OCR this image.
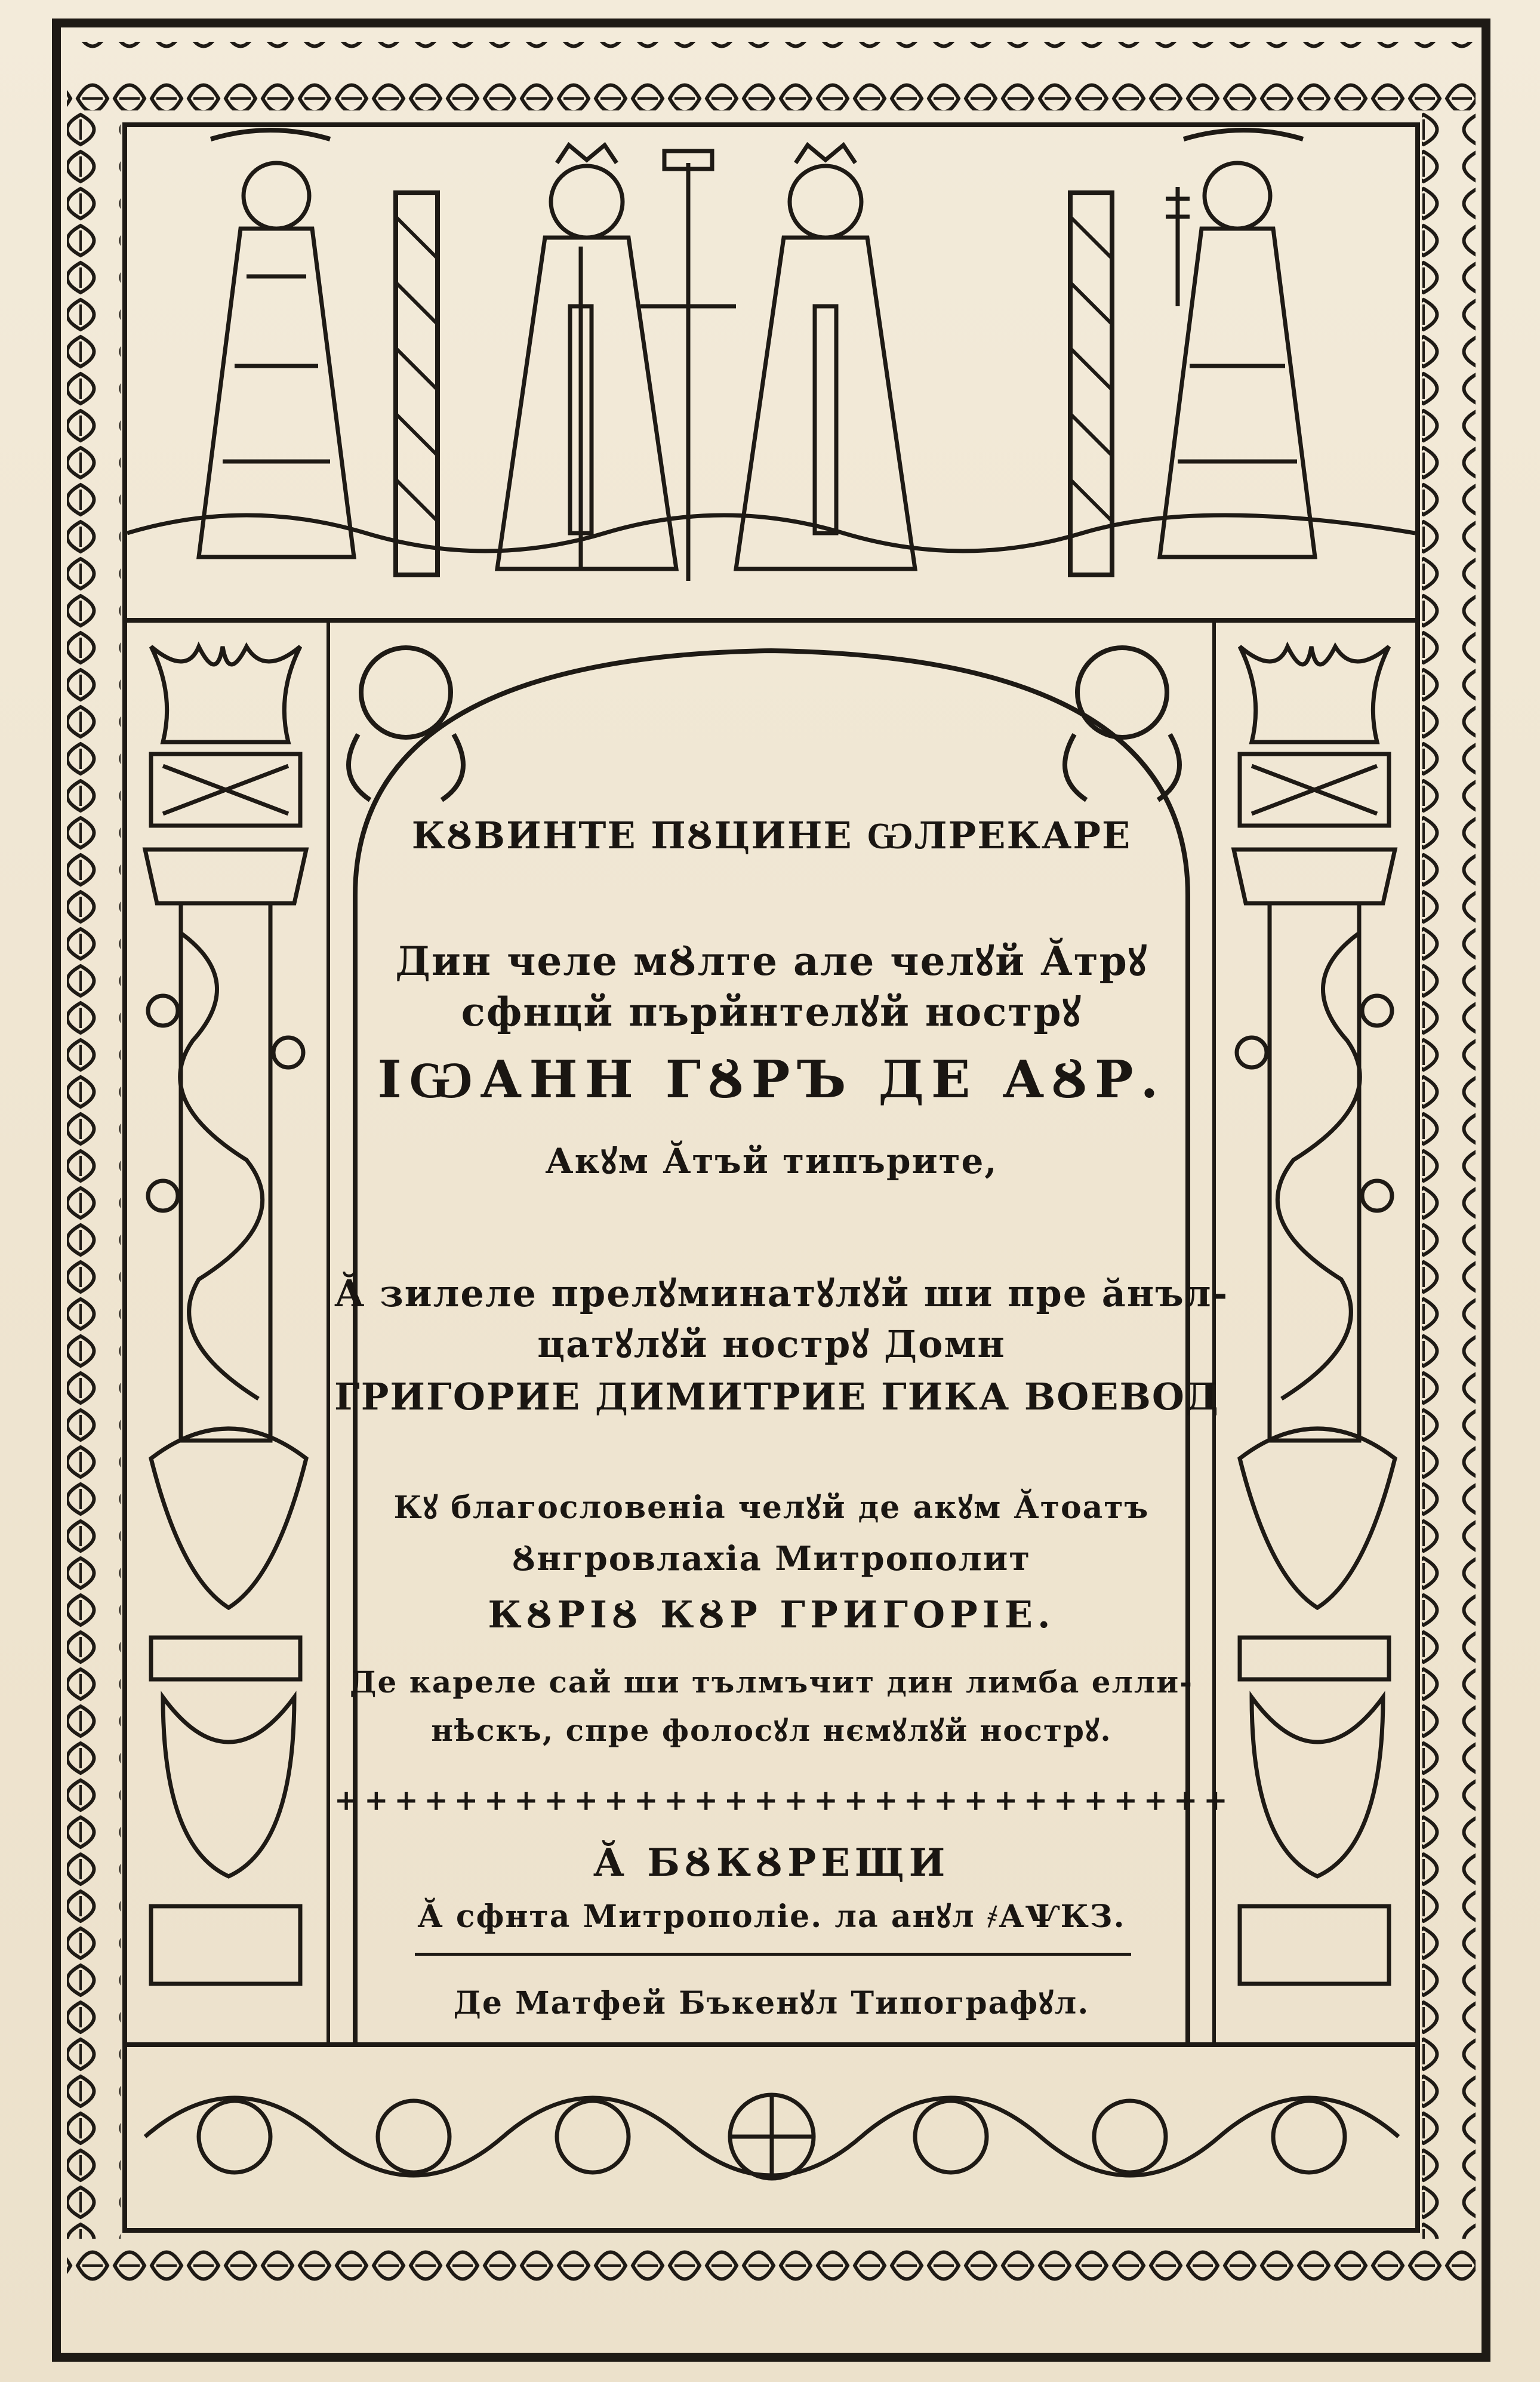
КȢВИНТЕ ПȢЦИНЕ ѠЛРЕКАРЕ
Дин челе мȢлте але челꙋй Ӑтрꙋ
сфнцй пърйнтелꙋй нострꙋ
ІѠАНН ГȢРЪ ДЕ АȢР.
Акꙋм Ӑтъй типърите,
Ӑ зилеле прелꙋминатꙋлꙋй ши пре ӑнъл-
цатꙋлꙋй нострꙋ Домн
ГРИГОРИЕ ДИМИТРИЕ ГИКА ВОЕВОД
Кꙋ благословеніа челꙋй де акꙋм Ӑтоатъ
Ȣнгровлахіа Митрополит
КȢРІȢ КȢР ГРИГОРІЕ.
Де кареле сай ши тълмъчит дин лимба елли-
нѣскъ, спре фолосꙋл нємꙋлꙋй нострꙋ.
++++++++++++++++++++++++++++++
Ӑ БȢКȢРЕЩИ
Ӑ сфнта Митрополіе. ла анꙋл ҂АѰКЗ.
Де Матфей Бъкенꙋл Типографꙋл.
